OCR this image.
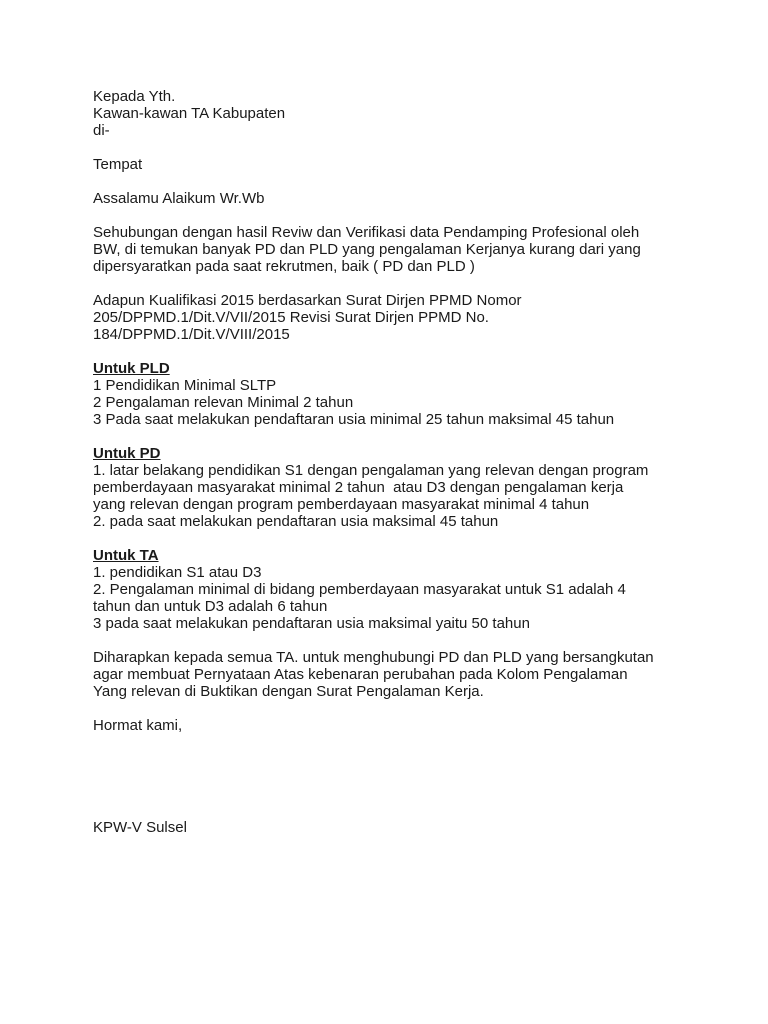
Kepada Yth.
Kawan-kawan TA Kabupaten
di-
Tempat
Assalamu Alaikum Wr.Wb
Sehubungan dengan hasil Reviw dan Verifikasi data Pendamping Profesional oleh
BW, di temukan banyak PD dan PLD yang pengalaman Kerjanya kurang dari yang
dipersyaratkan pada saat rekrutmen, baik ( PD dan PLD )
Adapun Kualifikasi 2015 berdasarkan Surat Dirjen PPMD Nomor
205/DPPMD.1/Dit.V/VII/2015 Revisi Surat Dirjen PPMD No.
184/DPPMD.1/Dit.V/VIII/2015
Untuk PLD
1 Pendidikan Minimal SLTP
2 Pengalaman relevan Minimal 2 tahun
3 Pada saat melakukan pendaftaran usia minimal 25 tahun maksimal 45 tahun
Untuk PD
1. latar belakang pendidikan S1 dengan pengalaman yang relevan dengan program
pemberdayaan masyarakat minimal 2 tahun  atau D3 dengan pengalaman kerja
yang relevan dengan program pemberdayaan masyarakat minimal 4 tahun
2. pada saat melakukan pendaftaran usia maksimal 45 tahun
Untuk TA
1. pendidikan S1 atau D3
2. Pengalaman minimal di bidang pemberdayaan masyarakat untuk S1 adalah 4
tahun dan untuk D3 adalah 6 tahun
3 pada saat melakukan pendaftaran usia maksimal yaitu 50 tahun
Diharapkan kepada semua TA. untuk menghubungi PD dan PLD yang bersangkutan
agar membuat Pernyataan Atas kebenaran perubahan pada Kolom Pengalaman
Yang relevan di Buktikan dengan Surat Pengalaman Kerja.
Hormat kami,
KPW-V Sulsel
